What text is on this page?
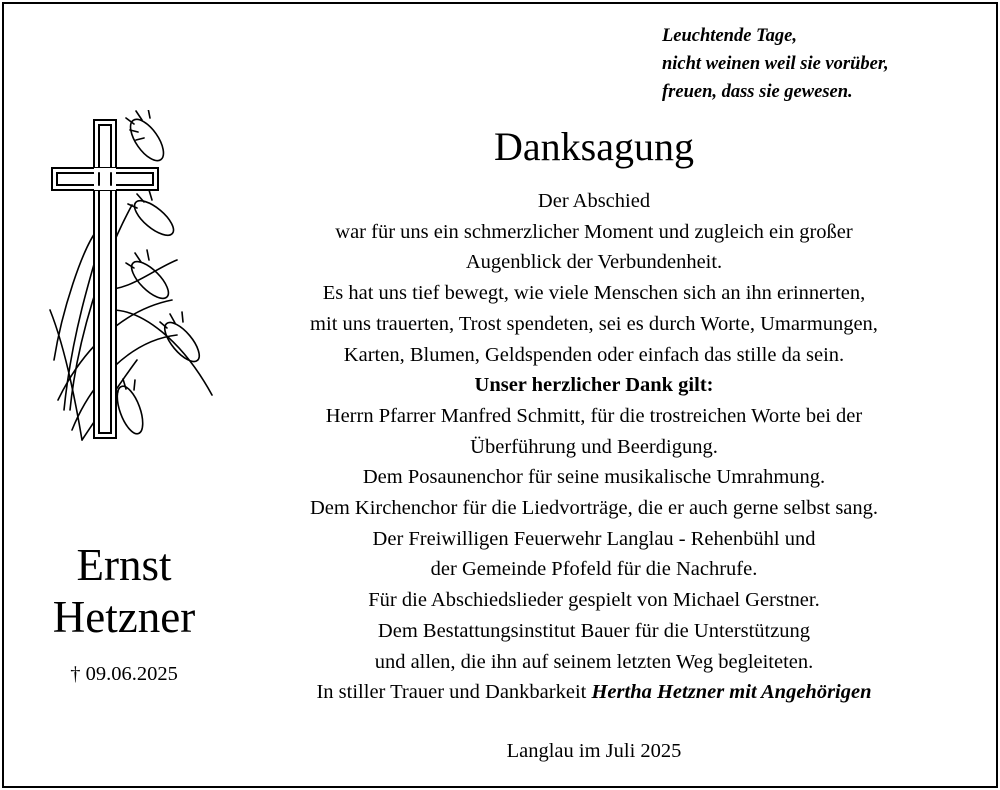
Leuchtende Tage,
nicht weinen weil sie vorüber,
freuen, dass sie gewesen.
Danksagung
Der Abschied
war für uns ein schmerzlicher Moment und zugleich ein großer
Augenblick der Verbundenheit.
Es hat uns tief bewegt, wie viele Menschen sich an ihn erinnerten,
mit uns trauerten, Trost spendeten, sei es durch Worte, Umarmungen,
Karten, Blumen, Geldspenden oder einfach das stille da sein.
Unser herzlicher Dank gilt:
Herrn Pfarrer Manfred Schmitt, für die trostreichen Worte bei der
Überführung und Beerdigung.
Dem Posaunenchor für seine musikalische Umrahmung.
Dem Kirchenchor für die Liedvorträge, die er auch gerne selbst sang.
Der Freiwilligen Feuerwehr Langlau - Rehenbühl und
der Gemeinde Pfofeld für die Nachrufe.
Für die Abschiedslieder gespielt von Michael Gerstner.
Dem Bestattungsinstitut Bauer für die Unterstützung
und allen, die ihn auf seinem letzten Weg begleiteten.
In stiller Trauer und Dankbarkeit Hertha Hetzner mit Angehörigen
Langlau im Juli 2025
Ernst
Hetzner
† 09.06.2025
